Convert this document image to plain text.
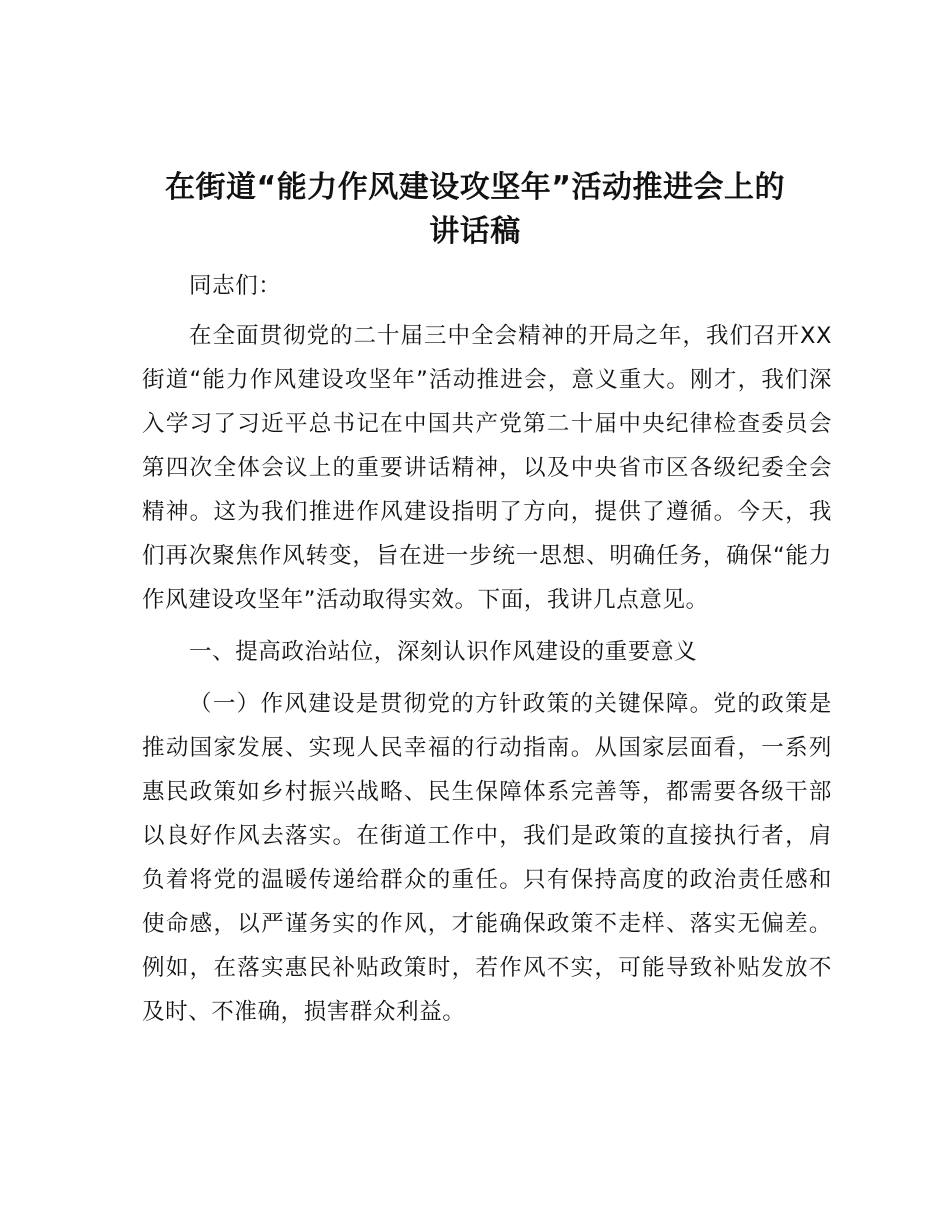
在街道“能力作风建设攻坚年”活动推进会上的
讲话稿

同志们：

在全面贯彻党的二十届三中全会精神的开局之年，我们召开XX街道“能力作风建设攻坚年”活动推进会，意义重大。刚才，我们深入学习了习近平总书记在中国共产党第二十届中央纪律检查委员会第四次全体会议上的重要讲话精神，以及中央省市区各级纪委全会精神。这为我们推进作风建设指明了方向，提供了遵循。今天，我们再次聚焦作风转变，旨在进一步统一思想、明确任务，确保“能力作风建设攻坚年”活动取得实效。下面，我讲几点意见。

一、提高政治站位，深刻认识作风建设的重要意义

（一）作风建设是贯彻党的方针政策的关键保障。党的政策是推动国家发展、实现人民幸福的行动指南。从国家层面看，一系列惠民政策如乡村振兴战略、民生保障体系完善等，都需要各级干部以良好作风去落实。在街道工作中，我们是政策的直接执行者，肩负着将党的温暖传递给群众的重任。只有保持高度的政治责任感和使命感，以严谨务实的作风，才能确保政策不走样、落实无偏差。例如，在落实惠民补贴政策时，若作风不实，可能导致补贴发放不及时、不准确，损害群众利益。
